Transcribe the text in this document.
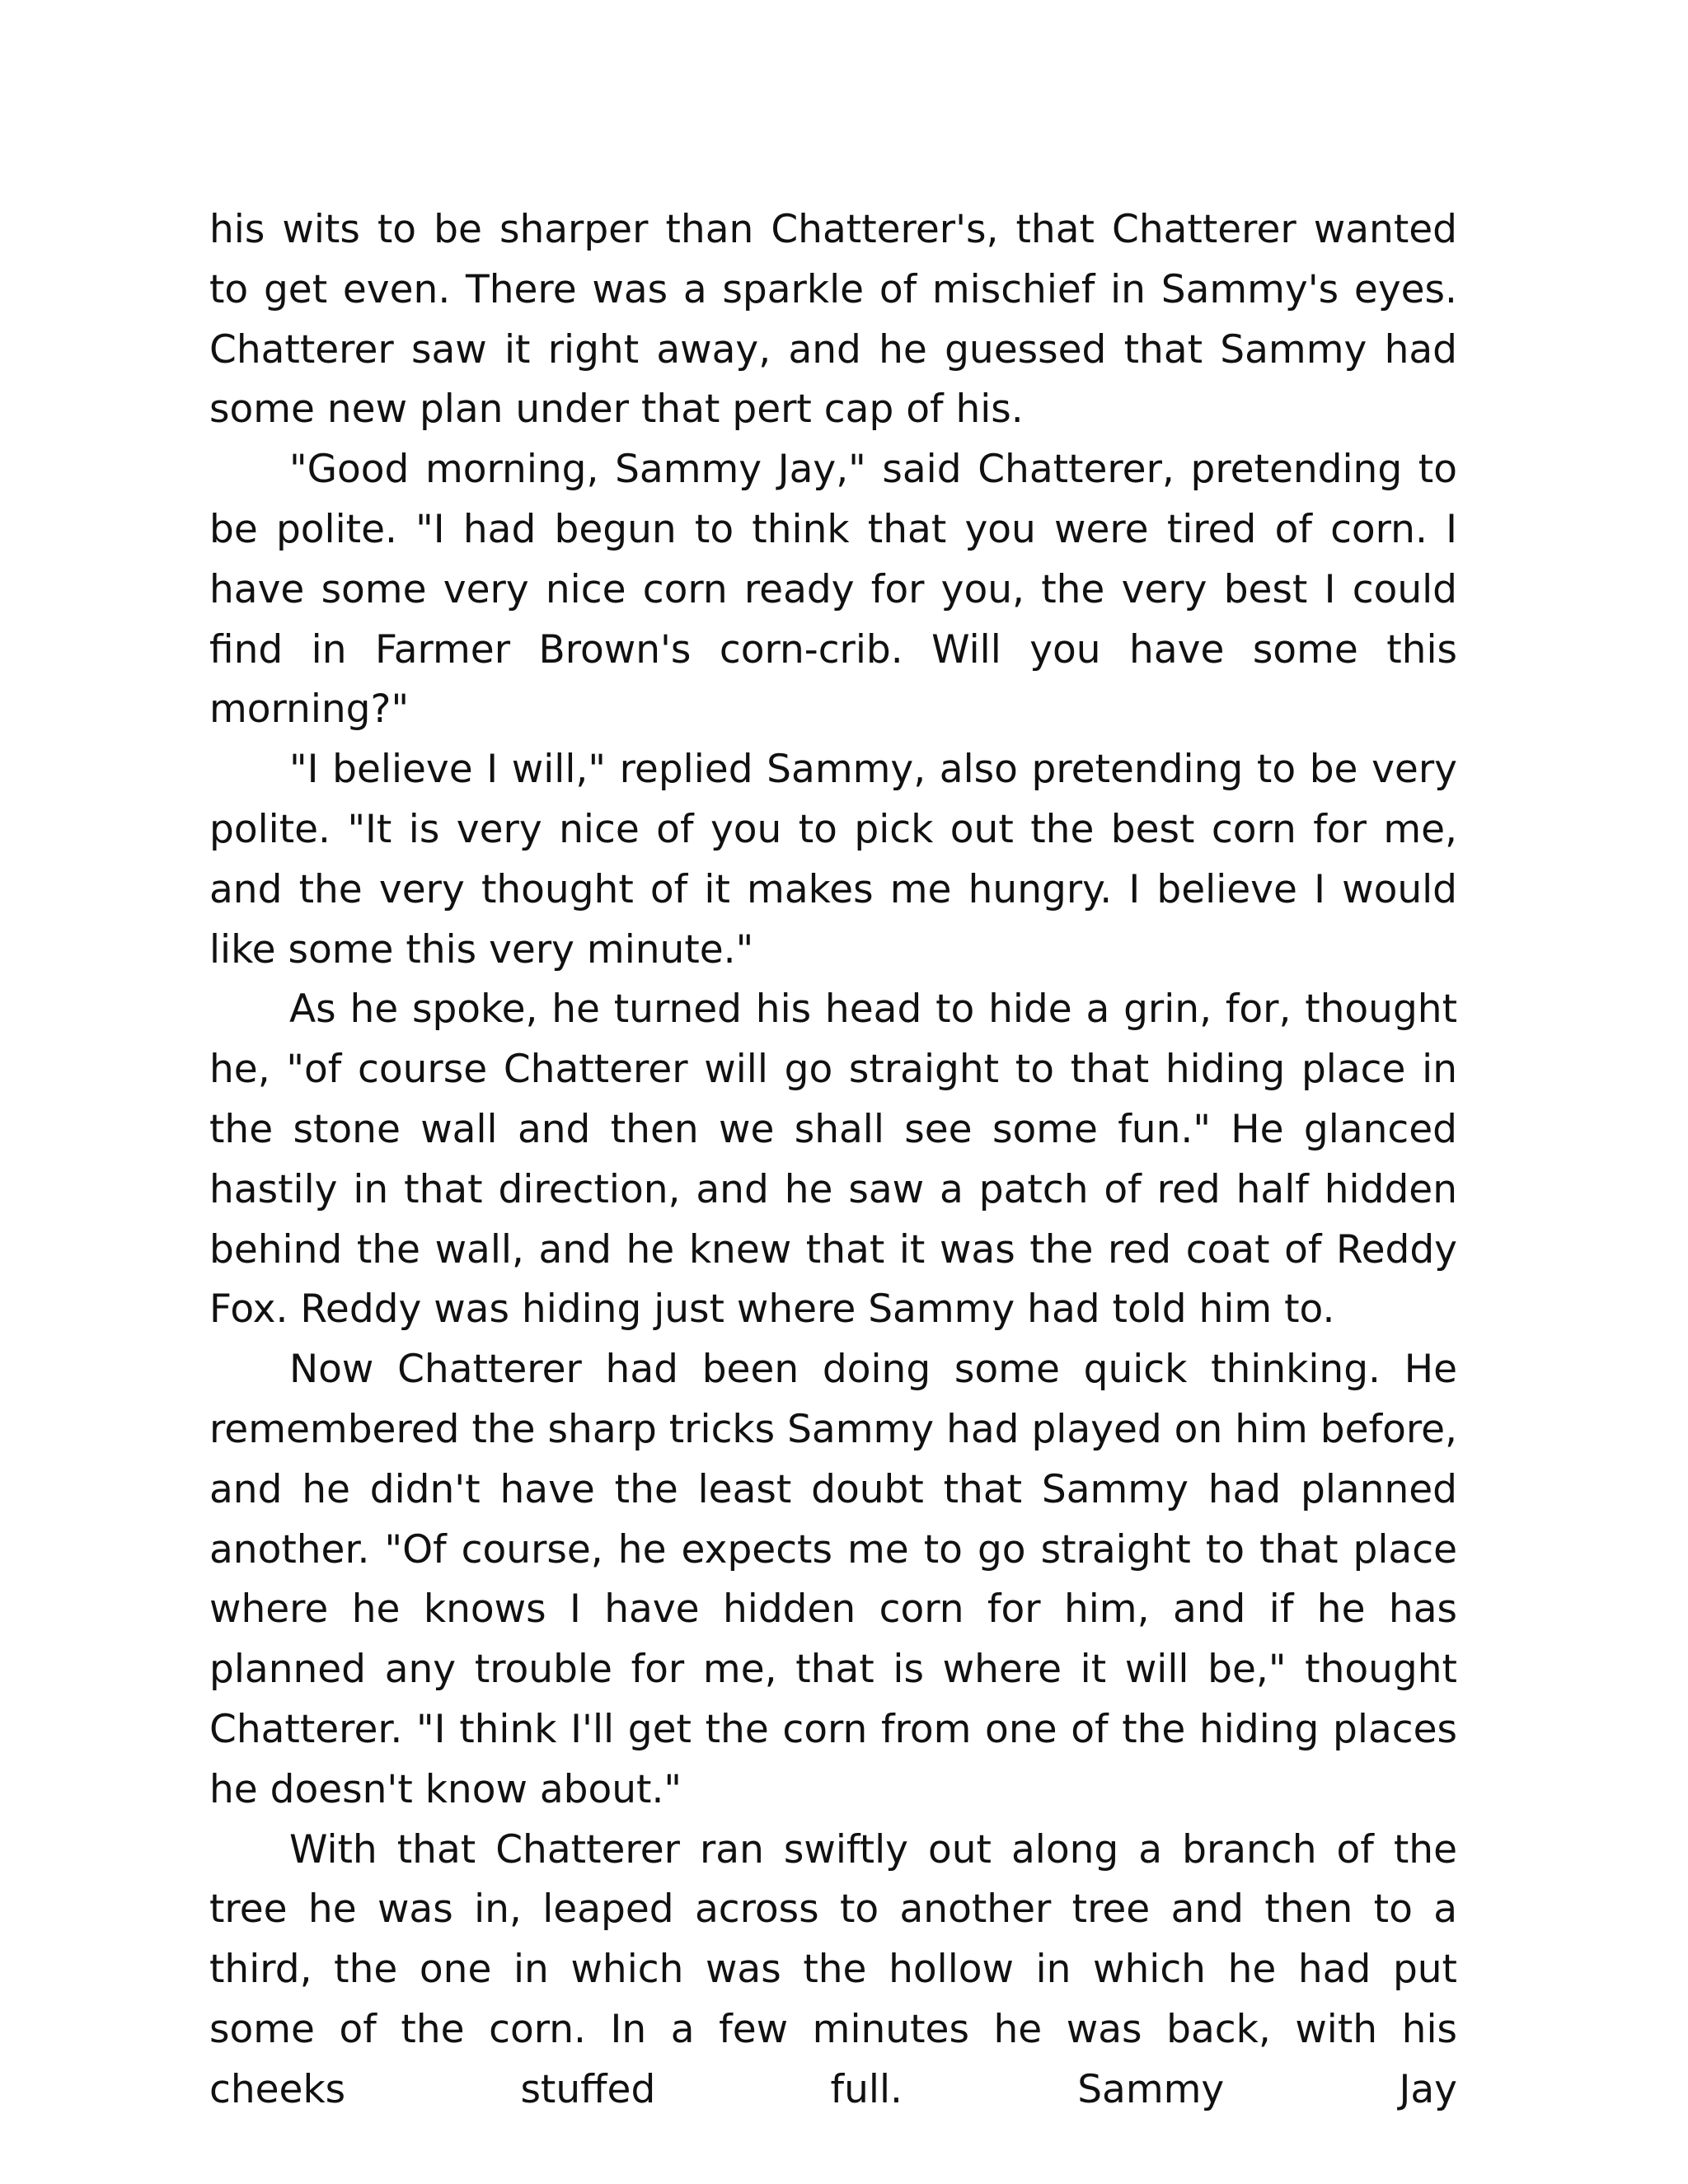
his wits to be sharper than Chatterer's, that Chatterer wanted to get even. There was a sparkle of mischief in Sammy's eyes. Chatterer saw it right away, and he guessed that Sammy had some new plan under that pert cap of his.

"Good morning, Sammy Jay," said Chatterer, pretending to be polite. "I had begun to think that you were tired of corn. I have some very nice corn ready for you, the very best I could find in Farmer Brown's corn-crib. Will you have some this morning?"

"I believe I will," replied Sammy, also pretending to be very polite. "It is very nice of you to pick out the best corn for me, and the very thought of it makes me hungry. I believe I would like some this very minute."

As he spoke, he turned his head to hide a grin, for, thought he, "of course Chatterer will go straight to that hiding place in the stone wall and then we shall see some fun." He glanced hastily in that direction, and he saw a patch of red half hidden behind the wall, and he knew that it was the red coat of Reddy Fox. Reddy was hiding just where Sammy had told him to.

Now Chatterer had been doing some quick thinking. He remembered the sharp tricks Sammy had played on him before, and he didn't have the least doubt that Sammy had planned another. "Of course, he expects me to go straight to that place where he knows I have hidden corn for him, and if he has planned any trouble for me, that is where it will be," thought Chatterer. "I think I'll get the corn from one of the hiding places he doesn't know about."

With that Chatterer ran swiftly out along a branch of the tree he was in, leaped across to another tree and then to a third, the one in which was the hollow in which he had put some of the corn. In a few minutes he was back, with his cheeks stuffed full. Sammy Jay
